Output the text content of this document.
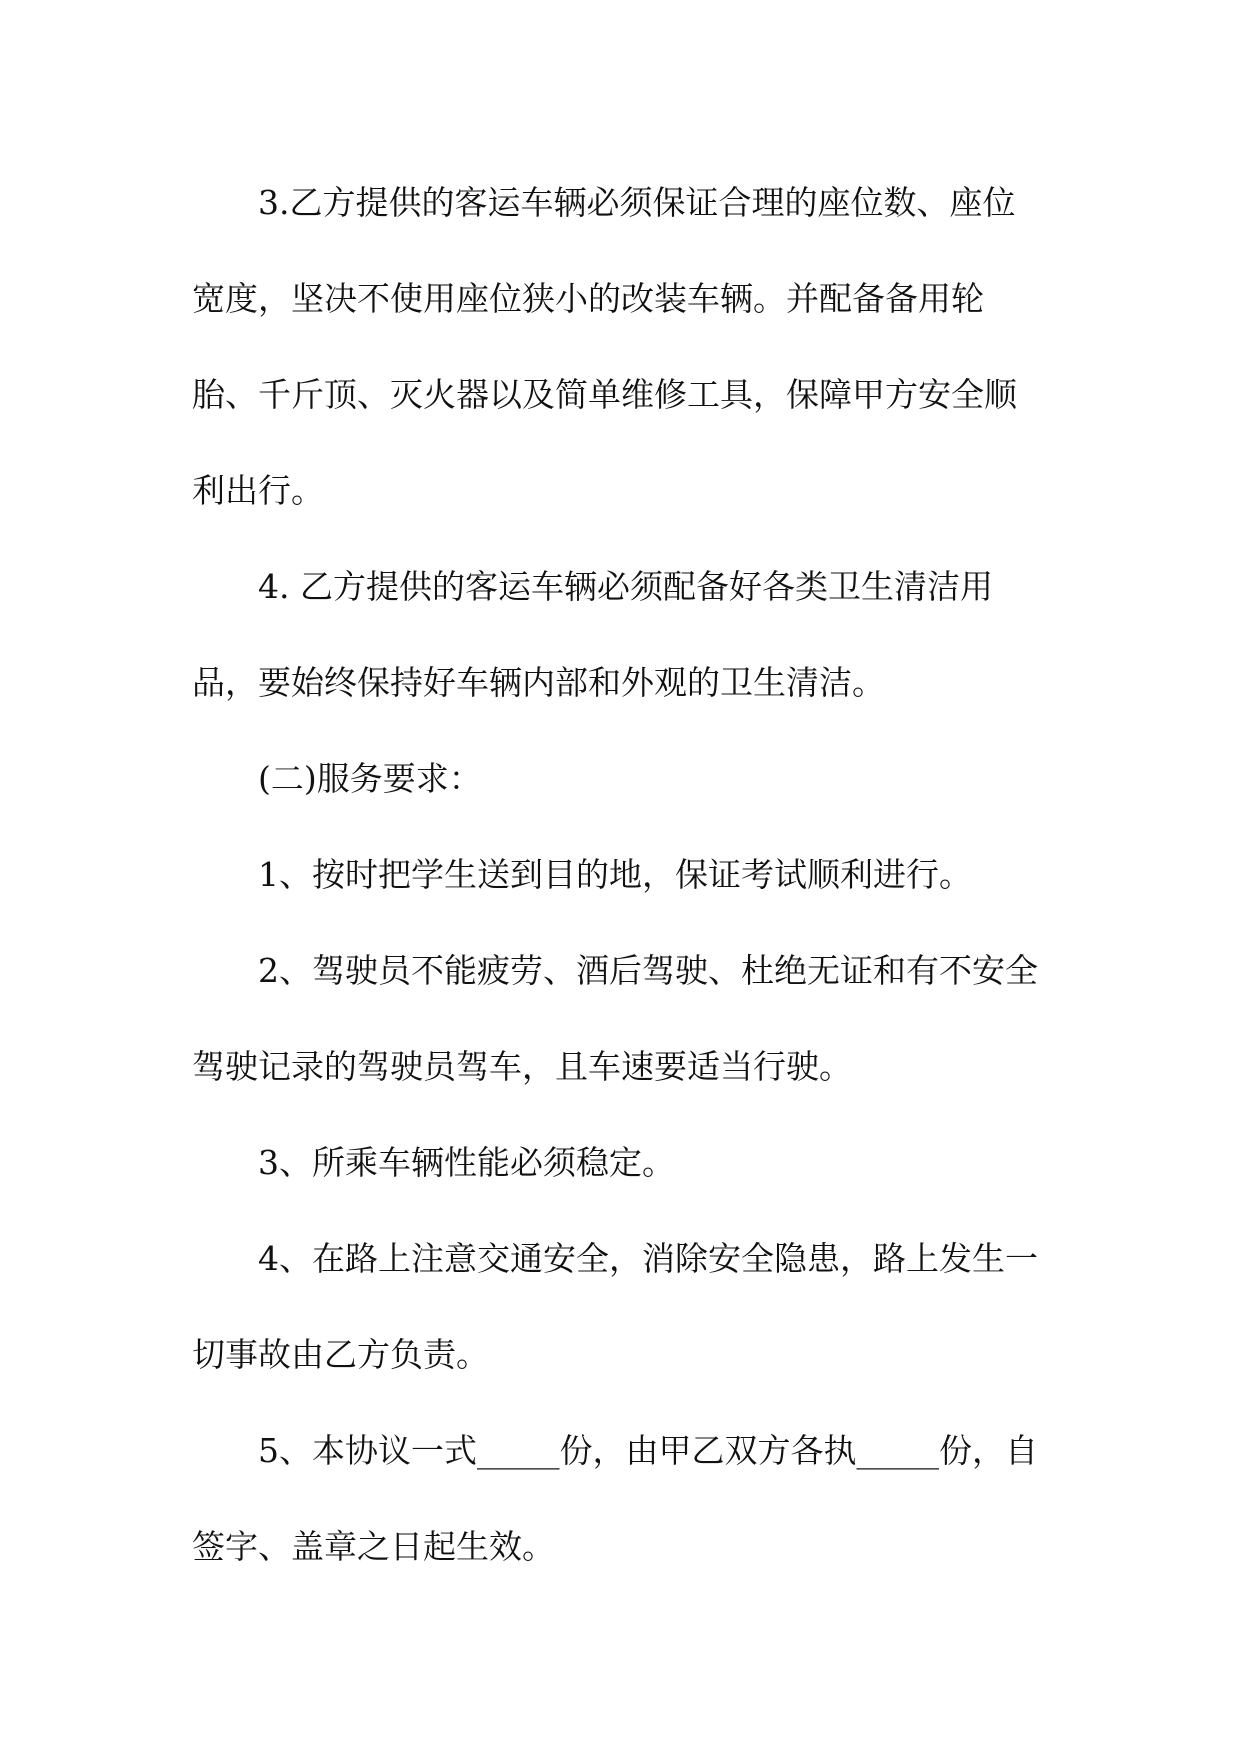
3.乙方提供的客运车辆必须保证合理的座位数、座位
宽度，坚决不使用座位狭小的改装车辆。并配备备用轮
胎、千斤顶、灭火器以及简单维修工具，保障甲方安全顺
利出行。
4. 乙方提供的客运车辆必须配备好各类卫生清洁用
品，要始终保持好车辆内部和外观的卫生清洁。
(二)服务要求：
1、按时把学生送到目的地，保证考试顺利进行。
2、驾驶员不能疲劳、酒后驾驶、杜绝无证和有不安全
驾驶记录的驾驶员驾车，且车速要适当行驶。
3、所乘车辆性能必须稳定。
4、在路上注意交通安全，消除安全隐患，路上发生一
切事故由乙方负责。
5、本协议一式_____份，由甲乙双方各执_____份，自
签字、盖章之日起生效。
